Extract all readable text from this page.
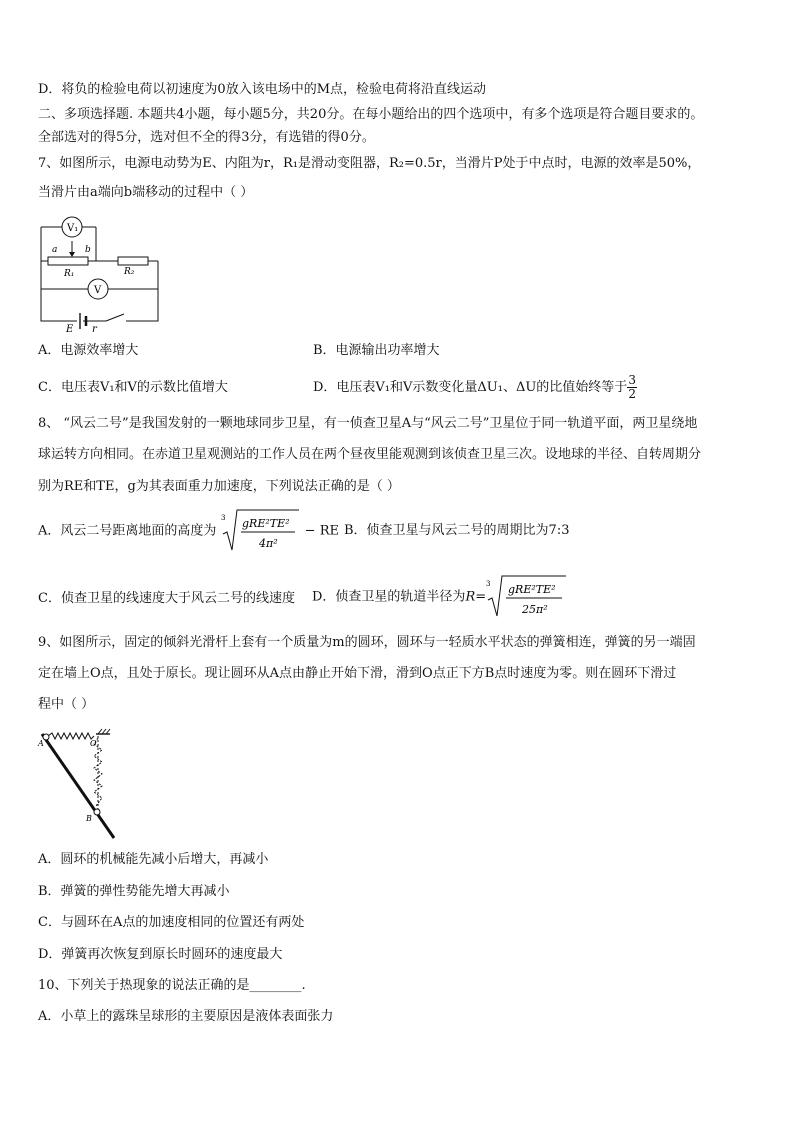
D．将负的检验电荷以初速度为0放入该电场中的M点，检验电荷将沿直线运动
二、多项选择题. 本题共4小题，每小题5分，共20分。在每小题给出的四个选项中，有多个选项是符合题目要求的。
全部选对的得5分，选对但不全的得3分，有选错的得0分。
7、如图所示，电源电动势为E、内阻为r，R₁是滑动变阻器，R₂=0.5r，当滑片P处于中点时，电源的效率是50%，
当滑片由a端向b端移动的过程中（ ）
V₁
a	b
R₁	R₂
V
E r
A．电源效率增大	B．电源输出功率增大
C．电压表V₁和V的示数比值增大	D．电压表V₁和V示数变化量ΔU₁、ΔU的比值始终等于 $\frac{3}{2}$
8、 “风云二号”是我国发射的一颗地球同步卫星，有一侦查卫星A与“风云二号”卫星位于同一轨道平面，两卫星绕地
球运转方向相同。在赤道卫星观测站的工作人员在两个昼夜里能观测到该侦查卫星三次。设地球的半径、自转周期分
别为RE和TE，g为其表面重力加速度，下列说法正确的是（ ）
A．风云二号距离地面的高度为
3 gRE²TE²
4π²
− RE B．侦查卫星与风云二号的周期比为7:3
C．侦查卫星的线速度大于风云二号的线速度 D．侦查卫星的轨道半径为R=
3 gRE²TE²
25π²
9、如图所示，固定的倾斜光滑杆上套有一个质量为m的圆环，圆环与一轻质水平状态的弹簧相连，弹簧的另一端固
定在墙上O点，且处于原长。现让圆环从A点由静止开始下滑，滑到O点正下方B点时速度为零。则在圆环下滑过
程中（ ）
A	O
B
A．圆环的机械能先减小后增大，再减小
B．弹簧的弹性势能先增大再减小
C．与圆环在A点的加速度相同的位置还有两处
D．弹簧再次恢复到原长时圆环的速度最大
10、下列关于热现象的说法正确的是________.
A．小草上的露珠呈球形的主要原因是液体表面张力
